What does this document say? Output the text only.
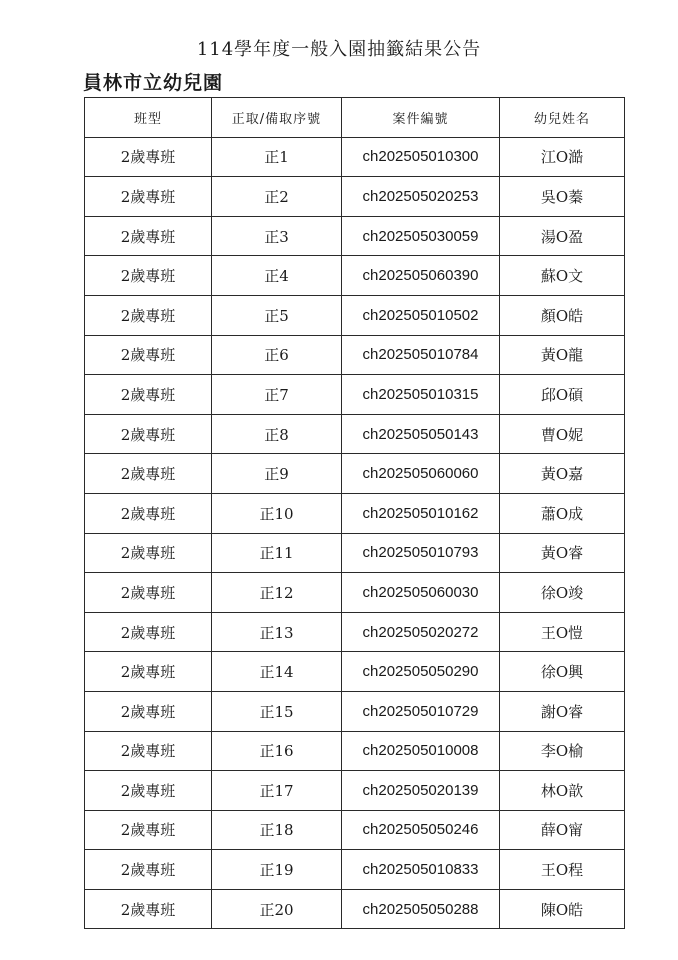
114學年度一般入園抽籤結果公告
員林市立幼兒園
班型	正取/備取序號	案件編號	幼兒姓名
2歲專班	正1	ch202505010300	江O澔
2歲專班	正2	ch202505020253	吳O蓁
2歲專班	正3	ch202505030059	湯O盈
2歲專班	正4	ch202505060390	蘇O文
2歲專班	正5	ch202505010502	顏O皓
2歲專班	正6	ch202505010784	黃O龍
2歲專班	正7	ch202505010315	邱O碩
2歲專班	正8	ch202505050143	曹O妮
2歲專班	正9	ch202505060060	黃O嘉
2歲專班	正10	ch202505010162	蕭O成
2歲專班	正11	ch202505010793	黃O睿
2歲專班	正12	ch202505060030	徐O竣
2歲專班	正13	ch202505020272	王O愷
2歲專班	正14	ch202505050290	徐O興
2歲專班	正15	ch202505010729	謝O睿
2歲專班	正16	ch202505010008	李O榆
2歲專班	正17	ch202505020139	林O歆
2歲專班	正18	ch202505050246	薛O甯
2歲專班	正19	ch202505010833	王O程
2歲專班	正20	ch202505050288	陳O皓
